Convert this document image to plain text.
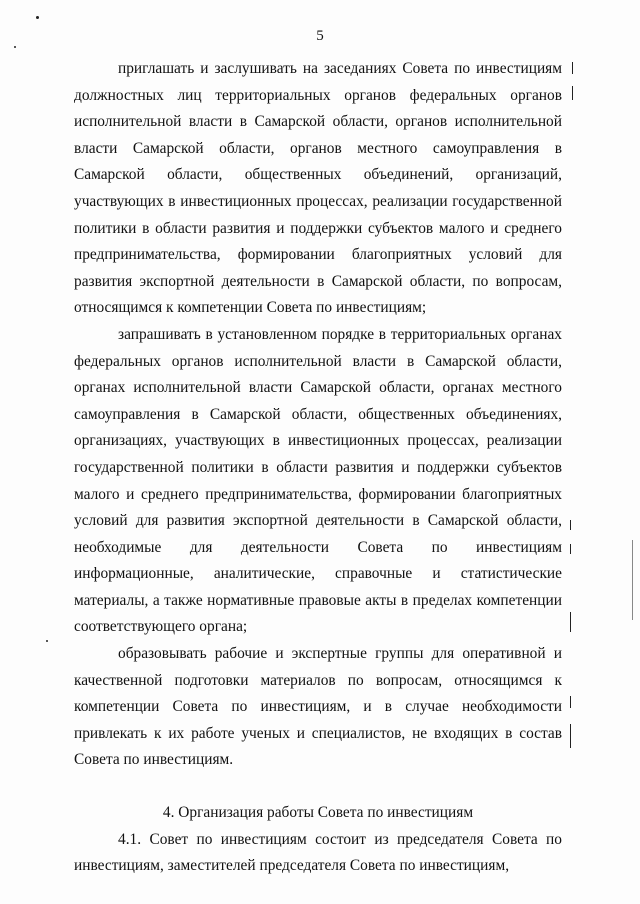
5

приглашать и заслушивать на заседаниях Совета по инвестициям должностных лиц территориальных органов федеральных органов исполнительной власти в Самарской области, органов исполнительной власти Самарской области, органов местного самоуправления в Самарской области, общественных объединений, организаций, участвующих в инвестиционных процессах, реализации государственной политики в области развития и поддержки субъектов малого и среднего предпринимательства, формировании благоприятных условий для развития экспортной деятельности в Самарской области, по вопросам, относящимся к компетенции Совета по инвестициям;

запрашивать в установленном порядке в территориальных органах федеральных органов исполнительной власти в Самарской области, органах исполнительной власти Самарской области, органах местного самоуправления в Самарской области, общественных объединениях, организациях, участвующих в инвестиционных процессах, реализации государственной политики в области развития и поддержки субъектов малого и среднего предпринимательства, формировании благоприятных условий для развития экспортной деятельности в Самарской области, необходимые для деятельности Совета по инвестициям информационные, аналитические, справочные и статистические материалы, а также нормативные правовые акты в пределах компетенции соответствующего органа;

образовывать рабочие и экспертные группы для оперативной и качественной подготовки материалов по вопросам, относящимся к компетенции Совета по инвестициям, и в случае необходимости привлекать к их работе ученых и специалистов, не входящих в состав Совета по инвестициям.

4. Организация работы Совета по инвестициям

4.1. Совет по инвестициям состоит из председателя Совета по инвестициям, заместителей председателя Совета по инвестициям,
